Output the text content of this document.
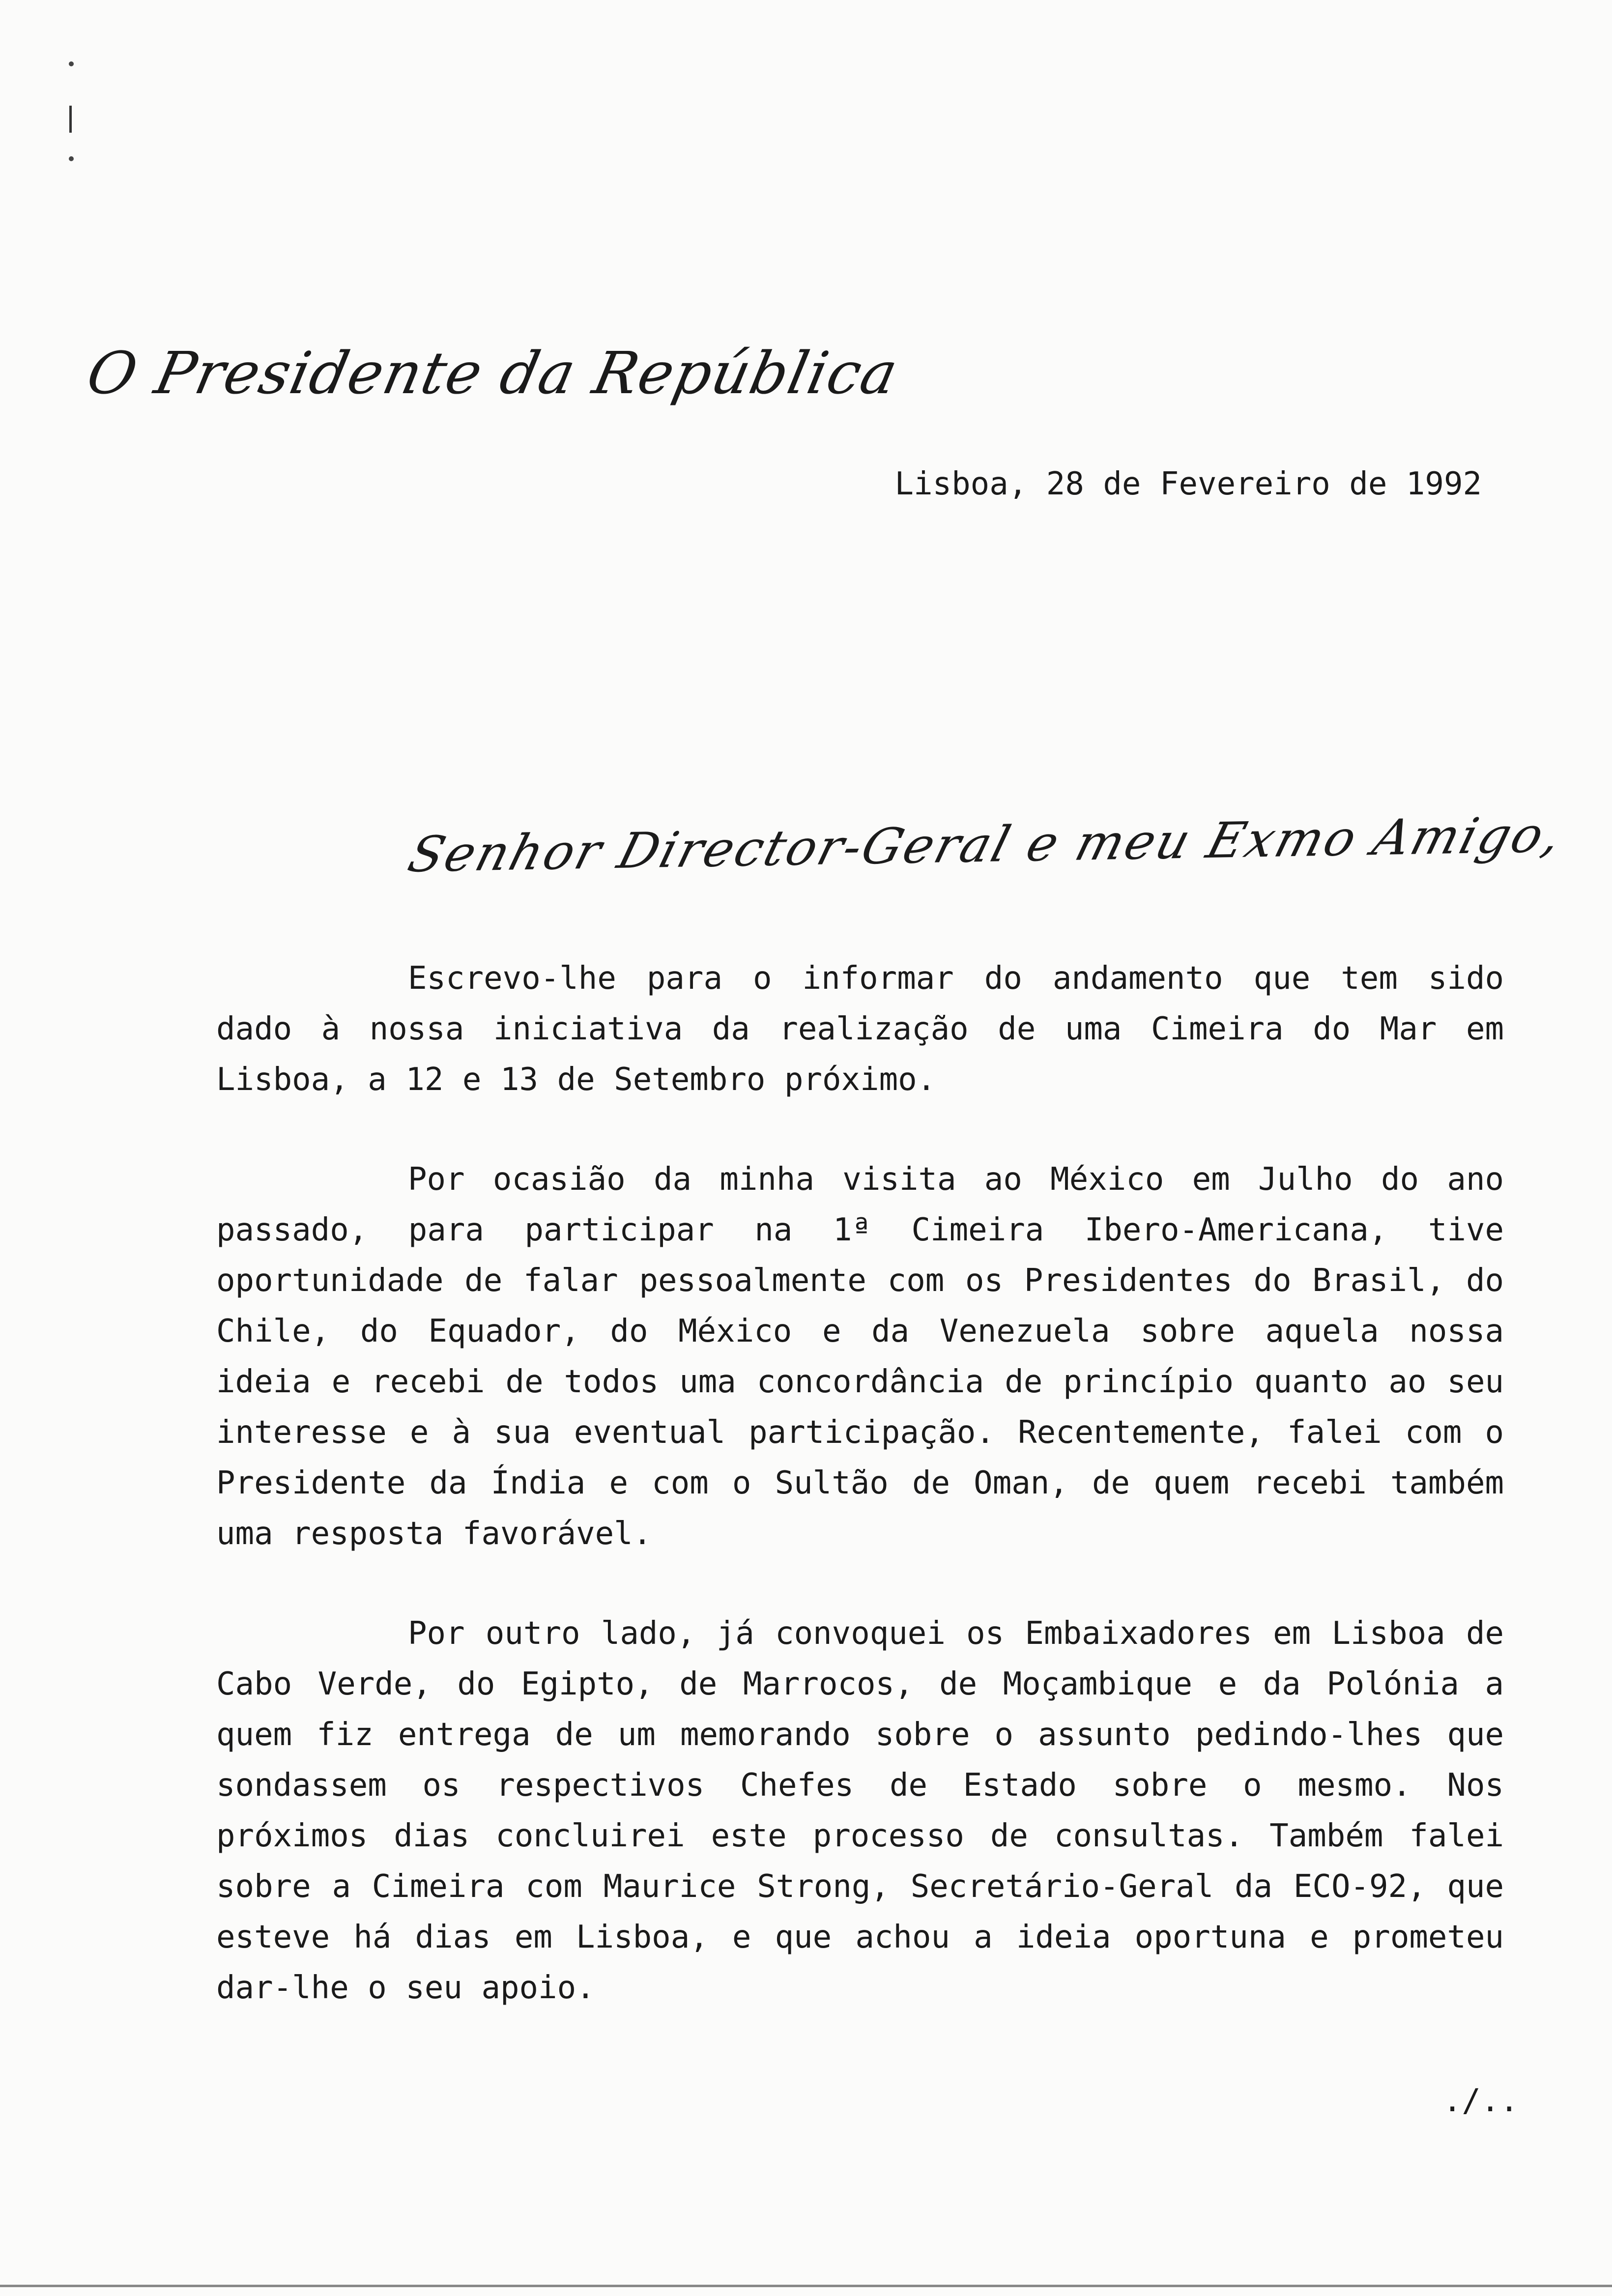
O Presidente da República
Lisboa, 28 de Fevereiro de 1992
Senhor Director-Geral e meu Exmo Amigo,

Escrevo-lhe para o informar do andamento que tem sido dado à nossa iniciativa da realização de uma Cimeira do Mar em Lisboa, a 12 e 13 de Setembro próximo.

Por ocasião da minha visita ao México em Julho do ano passado, para participar na 1ª Cimeira Ibero-Americana, tive oportunidade de falar pessoalmente com os Presidentes do Brasil, do Chile, do Equador, do México e da Venezuela sobre aquela nossa ideia e recebi de todos uma concordância de princípio quanto ao seu interesse e à sua eventual participação. Recentemente, falei com o Presidente da Índia e com o Sultão de Oman, de quem recebi também uma resposta favorável.

Por outro lado, já convoquei os Embaixadores em Lisboa de Cabo Verde, do Egipto, de Marrocos, de Moçambique e da Polónia a quem fiz entrega de um memorando sobre o assunto pedindo-lhes que sondassem os respectivos Chefes de Estado sobre o mesmo. Nos próximos dias concluirei este processo de consultas. Também falei sobre a Cimeira com Maurice Strong, Secretário-Geral da ECO-92, que esteve há dias em Lisboa, e que achou a ideia oportuna e prometeu dar-lhe o seu apoio.

./..
